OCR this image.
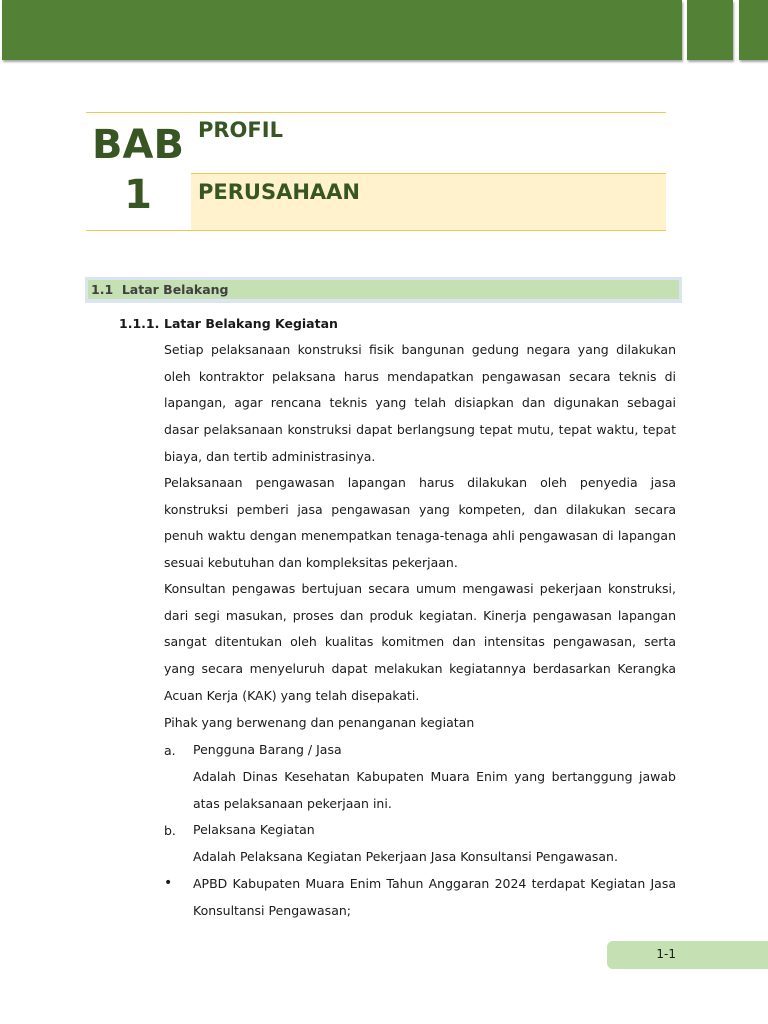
BAB
1
PROFIL
PERUSAHAAN
1.1  Latar Belakang
1.1.1. Latar Belakang Kegiatan
Setiap pelaksanaan konstruksi fisik bangunan gedung negara yang dilakukan oleh kontraktor pelaksana harus mendapatkan pengawasan secara teknis di lapangan, agar rencana teknis yang telah disiapkan dan digunakan sebagai dasar pelaksanaan konstruksi dapat berlangsung tepat mutu, tepat waktu, tepat biaya, dan tertib administrasinya.
Pelaksanaan pengawasan lapangan harus dilakukan oleh penyedia jasa konstruksi pemberi jasa pengawasan yang kompeten, dan dilakukan secara penuh waktu dengan menempatkan tenaga-tenaga ahli pengawasan di lapangan sesuai kebutuhan dan kompleksitas pekerjaan.
Konsultan pengawas bertujuan secara umum mengawasi pekerjaan konstruksi, dari segi masukan, proses dan produk kegiatan. Kinerja pengawasan lapangan sangat ditentukan oleh kualitas komitmen dan intensitas pengawasan, serta yang secara menyeluruh dapat melakukan kegiatannya berdasarkan Kerangka Acuan Kerja (KAK) yang telah disepakati.
Pihak yang berwenang dan penanganan kegiatan
a. Pengguna Barang / Jasa
Adalah Dinas Kesehatan Kabupaten Muara Enim yang bertanggung jawab atas pelaksanaan pekerjaan ini.
b. Pelaksana Kegiatan
Adalah Pelaksana Kegiatan Pekerjaan Jasa Konsultansi Pengawasan.
• APBD Kabupaten Muara Enim Tahun Anggaran 2024 terdapat Kegiatan Jasa Konsultansi Pengawasan;
1-1
